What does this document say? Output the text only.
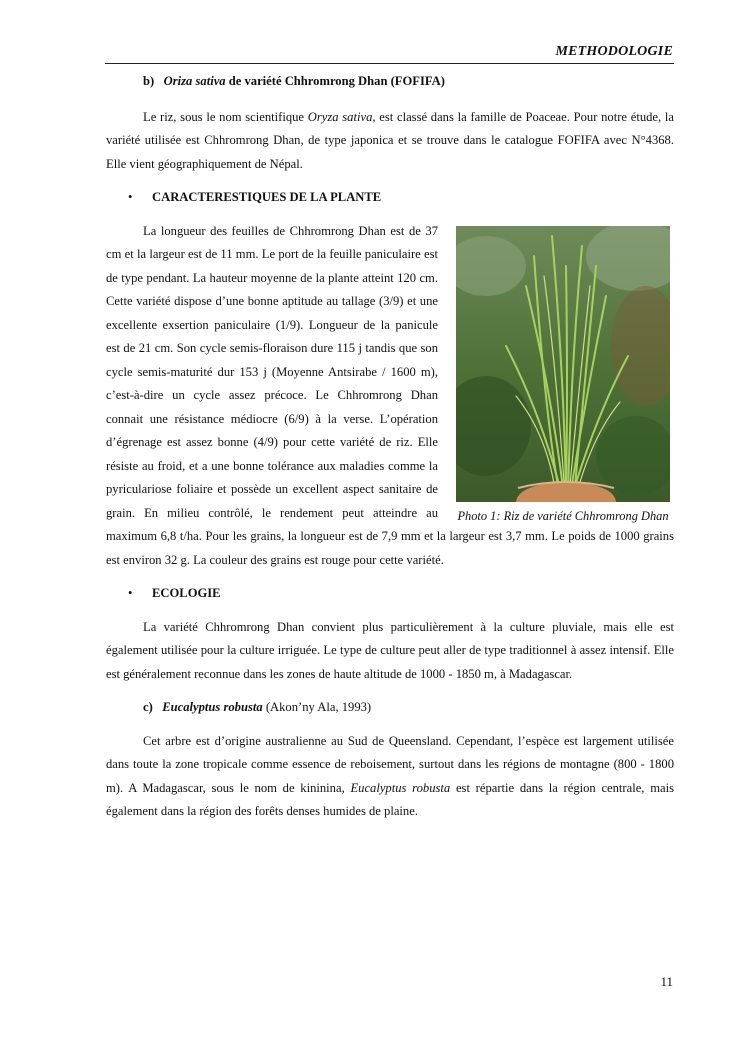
METHODOLOGIE

b) Oriza sativa de variété Chhromrong Dhan (FOFIFA)

Le riz, sous le nom scientifique Oryza sativa, est classé dans la famille de Poaceae. Pour notre étude, la variété utilisée est Chhromrong Dhan, de type japonica et se trouve dans le catalogue FOFIFA avec N°4368. Elle vient géographiquement de Népal.

•	CARACTERESTIQUES DE LA PLANTE

Photo 1: Riz de variété Chhromrong Dhan

La longueur des feuilles de Chhromrong Dhan est de 37 cm et la largeur est de 11 mm. Le port de la feuille paniculaire est de type pendant. La hauteur moyenne de la plante atteint 120 cm. Cette variété dispose d’une bonne aptitude au tallage (3/9) et une excellente exsertion paniculaire (1/9). Longueur de la panicule est de 21 cm. Son cycle semis-floraison dure 115 j tandis que son cycle semis-maturité dur 153 j (Moyenne Antsirabe / 1600 m), c’est-à-dire un cycle assez précoce. Le Chhromrong Dhan connait une résistance médiocre (6/9) à la verse. L’opération d’égrenage est assez bonne (4/9) pour cette variété de riz. Elle résiste au froid, et a une bonne tolérance aux maladies comme la pyriculariose foliaire et possède un excellent aspect sanitaire de grain. En milieu contrôlé, le rendement peut atteindre au maximum 6,8 t/ha. Pour les grains, la longueur est de 7,9 mm et la largeur est 3,7 mm. Le poids de 1000 grains est environ 32 g. La couleur des grains est rouge pour cette variété.

•	ECOLOGIE

La variété Chhromrong Dhan convient plus particulièrement à la culture pluviale, mais elle est également utilisée pour la culture irriguée. Le type de culture peut aller de type traditionnel à assez intensif. Elle est généralement reconnue dans les zones de haute altitude de 1000 - 1850 m, à Madagascar.

c) Eucalyptus robusta (Akon’ny Ala, 1993)

Cet arbre est d’origine australienne au Sud de Queensland. Cependant, l’espèce est largement utilisée dans toute la zone tropicale comme essence de reboisement, surtout dans les régions de montagne (800 - 1800 m). A Madagascar, sous le nom de kininina, Eucalyptus robusta est répartie dans la région centrale, mais également dans la région des forêts denses humides de plaine.

11
